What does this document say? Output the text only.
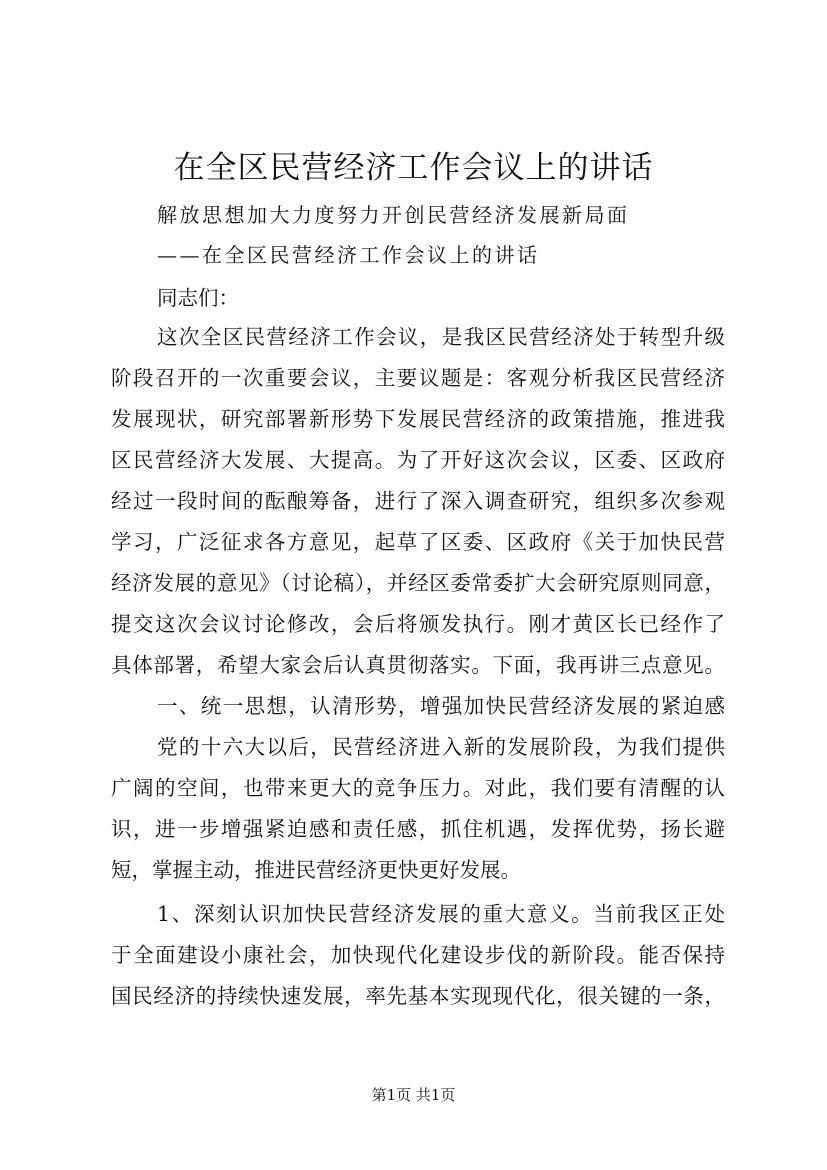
在全区民营经济工作会议上的讲话

解放思想加大力度努力开创民营经济发展新局面

——在全区民营经济工作会议上的讲话

同志们：

这次全区民营经济工作会议，是我区民营经济处于转型升级

阶段召开的一次重要会议，主要议题是：客观分析我区民营经济

发展现状，研究部署新形势下发展民营经济的政策措施，推进我

区民营经济大发展、大提高。为了开好这次会议，区委、区政府

经过一段时间的酝酿筹备，进行了深入调查研究，组织多次参观

学习，广泛征求各方意见，起草了区委、区政府《关于加快民营

经济发展的意见》（讨论稿），并经区委常委扩大会研究原则同意，

提交这次会议讨论修改，会后将颁发执行。刚才黄区长已经作了

具体部署，希望大家会后认真贯彻落实。下面，我再讲三点意见。

一、统一思想，认清形势，增强加快民营经济发展的紧迫感

党的十六大以后，民营经济进入新的发展阶段，为我们提供

广阔的空间，也带来更大的竞争压力。对此，我们要有清醒的认

识，进一步增强紧迫感和责任感，抓住机遇，发挥优势，扬长避

短，掌握主动，推进民营经济更快更好发展。

1、深刻认识加快民营经济发展的重大意义。当前我区正处

于全面建设小康社会，加快现代化建设步伐的新阶段。能否保持

国民经济的持续快速发展，率先基本实现现代化，很关键的一条，

第1页 共1页
